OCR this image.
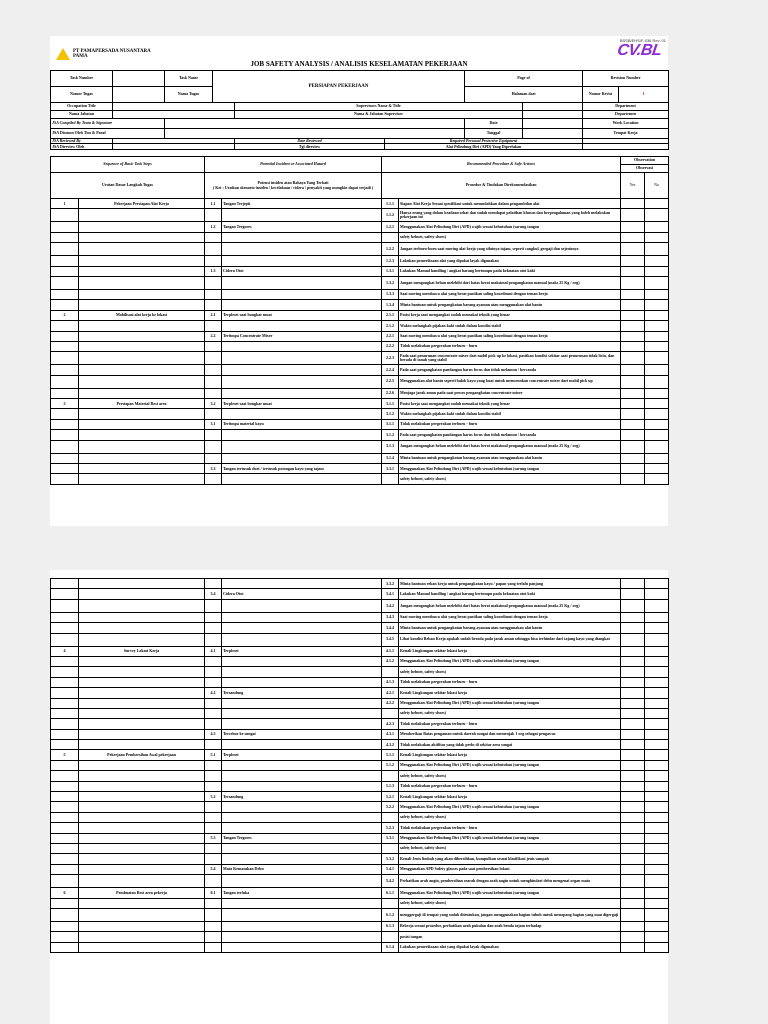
BSSB/EHS/F-036 Rev. 01
PT PAMAPERSADA NUSANTARA
PAMA	CV.BL
JOB SAFETY ANALYSIS / ANALISIS KESELAMATAN PEKERJAAN
Task Number		Task Name	PERSIAPAN PEKERJAAN			Page of		Revision Number	
Nomor Tugas		Nama Tugas				Halaman dari		Nomor Revisi	1
Occupation Title				Supervisors Name & Title				Department	
Nama Jabatan				Nama & Jabatan Supervisor				Departemen	
JSA Compiled By Team & Signature						Date		Work Location	
JSA Disusun Oleh Tim & Paraf						Tanggal		Tempat Kerja	
JSA Reviewed By				Date Reviewed	Required Personal Protective Equipment				
JSA Direview Oleh				Tgl direview	Alat Pelindung Diri (APD) Yang Diperlukan				
Sequence of Basic Task Steps	Potential Incident or Associated Hazard	Recommended Procedure & Safe Actions	Observation	
			Observasi	
Urutan Dasar Langkah Tugas	Potensi insiden atau Bahaya Yang Terkait
( Ket : Uraikan skenario insiden / kecelakaan / cidera / penyakit yang mungkin dapat terjadi )	Prosedur & Tindakan Direkomendasikan	Yes	No
1	Pekerjaan Persiapan Alat Kerja	1.1	Tangan Terjepit	1.1.1	Siapan Alat Kerja Sesuai spesifikasi untuk memudahkan dalam pengambilan alat		
				1.1.2	Hanya orang yang dalam keadaan sehat dan sudah mendapat pelatihan khusus dan berpengalaman yang boleh melakukan pekerjaan ini		
		1.2	Tangan Tergores	1.2.1	Menggunakan Alat Pelindung Diri (APD) wajib sesuai kebutuhan (sarung tangan		
					safety helmet, safety shoes)		
				1.2.2	Jangan terburu-buru saat moving alat kerja yang sifatnya tajam, seperti cangkul, gergaji dan sejenisnya		
				1.2.3	Lakukan pemeriksaan alat yang dipakai layak digunakan		
		1.3	Cidera Otot	1.3.1	Lakukan Manual handling / angkat barang bertumpu pada kekuatan otot kaki		
				1.3.2	Jangan mengangkat beban melebihi dari batas berat maksimal pengangkatan manual (maks 25 Kg / org)		
				1.3.3	Saat moving membawa alat yang berat pastikan saling koordinasi dengan teman kerja		
				1.3.4	Minta bantuan untuk pengangkatan barang ayaman atau menggunakan alat bantu		
2	Mobilisasi alat kerja ke lokasi	2.1	Terpleset saat bongkar muat	2.1.1	Posisi kerja saat mengangkat sudah memakai teknik yang benar		
				2.1.2	Waktu melangkah pijakan kaki sudah dalam kondisi stabil		
		2.2	Tertimpa Concentrate Mixer	2.2.1	Saat moving membawa alat yang berat pastikan saling koordinasi dengan teman kerja		
				2.2.2	Tidak melakukan pergerakan terburu - buru		
				2.2.3	Pada saat penurunan concentrate mixer dari mobil pick up ke lokasi, pastikan kondisi sekitar saat penurunan tidak licin, dan berada di tanah yang stabil		
				2.2.4	Pada saat pengangkatan pandangan harus focus dan tidak melamun / bercanda		
				2.2.5	Menggunakan alat bantu seperti balok kayu yang kuat untuk menurunkan concentrate mixer dari mobil pick up		
				2.2.6	Menjaga jarak aman pada saat proses pengangkatan concentrate mixer		
3	Persiapan Material Rest area	3.2	Terpleset saat bongkar muat	3.1.1	Posisi kerja saat mengangkat sudah memakai teknik yang benar		
				3.1.2	Waktu melangkah pijakan kaki sudah dalam kondisi stabil		
		3.1	Tertimpa material kayu	3.1.1	Tidak melakukan pergerakan terburu - buru		
				3.1.2	Pada saat pengangkatan pandangan harus focus dan tidak melamun / bercanda		
				3.1.3	Jangan mengangkat beban melebihi dari batas berat maksimal pengangkatan manual (maks 25 Kg / org)		
				3.1.4	Minta bantuan untuk pengangkatan barang ayaman atau menggunakan alat bantu		
		3.3	Tangan tertusuk duri / tertusuk potongan kayu yang tajam	3.3.1	Menggunakan Alat Pelindung Diri (APD) wajib sesuai kebutuhan (sarung tangan		
					safety helmet, safety shoes)		
				3.3.2	Minta bantuan rekan kerja untuk pengangkatan kayu / papan yang terlalu panjang		
		3.4	Cidera Otot	3.4.1	Lakukan Manual handling / angkat barang bertumpu pada kekuatan otot kaki		
				3.4.2	Jangan mengangkat beban melebihi dari batas berat maksimal pengangkatan manual (maks 25 Kg / org)		
				3.4.3	Saat moving membawa alat yang berat pastikan saling koordinasi dengan teman kerja		
				3.4.4	Minta bantuan untuk pengangkatan barang ayaman atau menggunakan alat bantu		
				3.4.5	Lihat kondisi Beban Kerja apakah sudah berada pada jarak aman sehingga bisa terhindar dari tajang kayu yang diangkat		
4	Survey Lokasi Kerja	4.1	Terpleset	4.1.1	Kenali Lingkungan sekitar lokasi kerja		
				4.1.2	Menggunakan Alat Pelindung Diri (APD) wajib sesuai kebutuhan (sarung tangan		
					safety helmet, safety shoes)		
				4.1.3	Tidak melakukan pergerakan terburu - buru		
		4.2	Tersandung	4.2.1	Kenali Lingkungan sekitar lokasi kerja		
				4.2.2	Menggunakan Alat Pelindung Diri (APD) wajib sesuai kebutuhan (sarung tangan		
					safety helmet, safety shoes)		
				4.2.3	Tidak melakukan pergerakan terburu - buru		
		4.3	Tercebur ke sungai	4.3.1	Memberikan Batas pengaman untuk daerah sungai dan memenjak 1 org sebagai pengawas		
				4.3.2	Tidak melakukan aktifitas yang tidak perlu di sekitar area sungai		
5	Pekerjaan Pembersihan Awal pekerjaan	5.1	Terpleset	5.1.1	Kenali Lingkungan sekitar lokasi kerja		
				5.1.2	Menggunakan Alat Pelindung Diri (APD) wajib sesuai kebutuhan (sarung tangan		
					safety helmet, safety shoes)		
				5.1.3	Tidak melakukan pergerakan terburu - buru		
		5.2	Tersandung	5.2.1	Kenali Lingkungan sekitar lokasi kerja		
				5.2.2	Menggunakan Alat Pelindung Diri (APD) wajib sesuai kebutuhan (sarung tangan		
					safety helmet, safety shoes)		
				5.2.3	Tidak melakukan pergerakan terburu - buru		
		5.3	Tangan Tergores	5.3.1	Menggunakan Alat Pelindung Diri (APD) wajib sesuai kebutuhan (sarung tangan		
					safety helmet, safety shoes)		
				5.3.2	Kenali Jenis limbah yang akan dibersihkan, kumpulkan sesuai klasifikasi jenis sampah		
		5.4	Mata Kemasukan Debu	5.4.1	Menggunakan APD Safety glasses pada saat pembersihan lokasi		
				5.4.2	Perhatikan arah angin, pembersihan searah dengan arah angin untuk menghindari debu mengenai organ mata		
6	Pembuatan Rest area pekerja	6.1	Tangan terluka	6.1.1	Menggunakan Alat Pelindung Diri (APD) wajib sesuai kebutuhan (sarung tangan		
					safety helmet, safety shoes)		
				6.1.2	menggergaji di tempat yang sudah ditentukan, jangan menggunakan bagian tubuh untuk menopang bagian yang mau digergaji		
				6.1.3	Bekerja sesuai prosedur, perhatikan arah pukulan dan arah benda tajam terhadap		
					posisi tangan		
				6.1.4	Lakukan pemeriksaan alat yang dipakai layak digunakan		
